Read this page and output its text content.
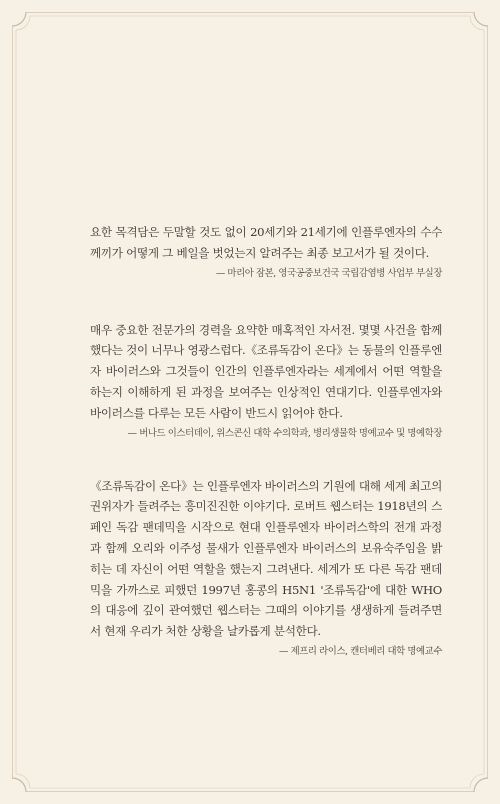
요한 목격담은 두말할 것도 없이 20세기와 21세기에 인플루엔자의 수수께끼가 어떻게 그 베일을 벗었는지 알려주는 최종 보고서가 될 것이다.

— 마리아 잠본, 영국공중보건국 국립감염병 사업부 부실장

매우 중요한 전문가의 경력을 요약한 매혹적인 자서전. 몇몇 사건을 함께 했다는 것이 너무나 영광스럽다.《조류독감이 온다》는 동물의 인플루엔자 바이러스와 그것들이 인간의 인플루엔자라는 세계에서 어떤 역할을 하는지 이해하게 된 과정을 보여주는 인상적인 연대기다. 인플루엔자와 바이러스를 다루는 모든 사람이 반드시 읽어야 한다.

— 버나드 이스터데이, 위스콘신 대학 수의학과, 병리생물학 명예교수 및 명예학장

《조류독감이 온다》는 인플루엔자 바이러스의 기원에 대해 세계 최고의 권위자가 들려주는 흥미진진한 이야기다. 로버트 웹스터는 1918년의 스페인 독감 팬데믹을 시작으로 현대 인플루엔자 바이러스학의 전개 과정과 함께 오리와 이주성 물새가 인플루엔자 바이러스의 보유숙주임을 밝히는 데 자신이 어떤 역할을 했는지 그려낸다. 세계가 또 다른 독감 팬데믹을 가까스로 피했던 1997년 홍콩의 H5N1 '조류독감'에 대한 WHO의 대응에 깊이 관여했던 웹스터는 그때의 이야기를 생생하게 들려주면서 현재 우리가 처한 상황을 날카롭게 분석한다.

— 제프리 라이스, 캔터베리 대학 명예교수
